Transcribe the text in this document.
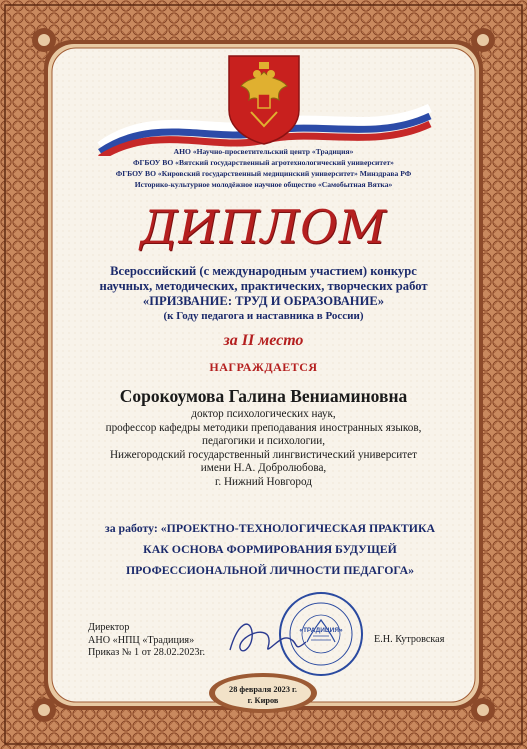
АНО «Научно-просветительский центр «Традиция»
ФГБОУ ВО «Вятский государственный агротехнологический университет»
ФГБОУ ВО «Кировский государственный медицинский университет» Минздрава РФ
Историко-культурное молодёжное научное общество «Самобытная Вятка»
ДИПЛОМ
Всероссийский (с международным участием) конкурс
научных, методических, практических, творческих работ
«ПРИЗВАНИЕ: ТРУД И ОБРАЗОВАНИЕ»
(к Году педагога и наставника в России)
за II место
НАГРАЖДАЕТСЯ
Сорокоумова Галина Вениаминовна
доктор психологических наук,
профессор кафедры методики преподавания иностранных языков,
педагогики и психологии,
Нижегородский государственный лингвистический университет
имени Н.А. Добролюбова,
г. Нижний Новгород
за работу: «ПРОЕКТНО-ТЕХНОЛОГИЧЕСКАЯ ПРАКТИКА
КАК ОСНОВА ФОРМИРОВАНИЯ БУДУЩЕЙ
ПРОФЕССИОНАЛЬНОЙ ЛИЧНОСТИ ПЕДАГОГА»
«ТРАДИЦИЯ»
Директор
АНО «НПЦ «Традиция»
Приказ № 1 от 28.02.2023г.
Е.Н. Кутровская
28 февраля 2023 г.
г. Киров
